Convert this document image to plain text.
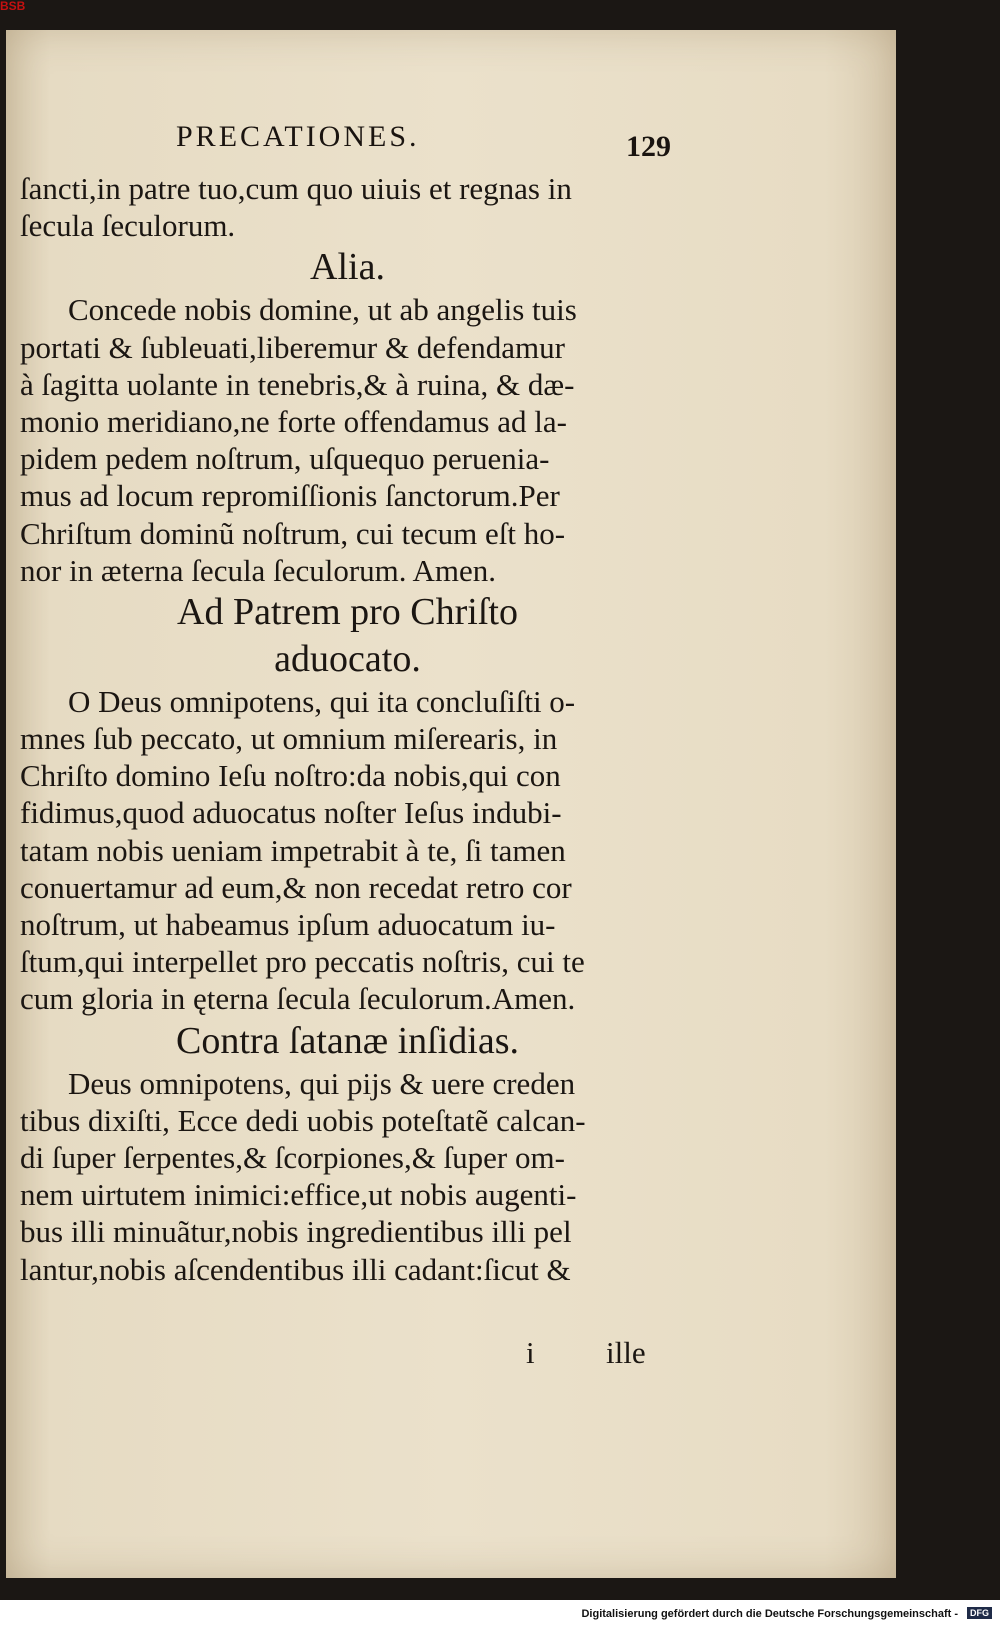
PRECATIONES.	129
ſancti,in patre tuo,cum quo uiuis et regnas in
ſecula ſeculorum.
Alia.
Concede nobis domine, ut ab angelis tuis
portati & ſubleuati,liberemur & defendamur
à ſagitta uolante in tenebris,& à ruina, & dæ-
monio meridiano,ne forte offendamus ad la-
pidem pedem noſtrum, uſquequo peruenia-
mus ad locum repromiſſionis ſanctorum.Per
Chriſtum dominũ noſtrum, cui tecum eſt ho-
nor in æterna ſecula ſeculorum. Amen.
Ad Patrem pro Chriſto
aduocato.
O Deus omnipotens, qui ita concluſiſti o-
mnes ſub peccato, ut omnium miſerearis, in
Chriſto domino Ieſu noſtro:da nobis,qui con
fidimus,quod aduocatus noſter Ieſus indubi-
tatam nobis ueniam impetrabit à te, ſi tamen
conuertamur ad eum,& non recedat retro cor
noſtrum, ut habeamus ipſum aduocatum iu-
ſtum,qui interpellet pro peccatis noſtris, cui te
cum gloria in ęterna ſecula ſeculorum.Amen.
Contra ſatanæ inſidias.
Deus omnipotens, qui pijs & uere creden
tibus dixiſti, Ecce dedi uobis poteſtatẽ calcan-
di ſuper ſerpentes,& ſcorpiones,& ſuper om-
nem uirtutem inimici:effice,ut nobis augenti-
bus illi minuãtur,nobis ingredientibus illi pel
lantur,nobis aſcendentibus illi cadant:ſicut &
i ille
BSB
Digitalisierung gefördert durch die Deutsche Forschungsgemeinschaft -	DFG
